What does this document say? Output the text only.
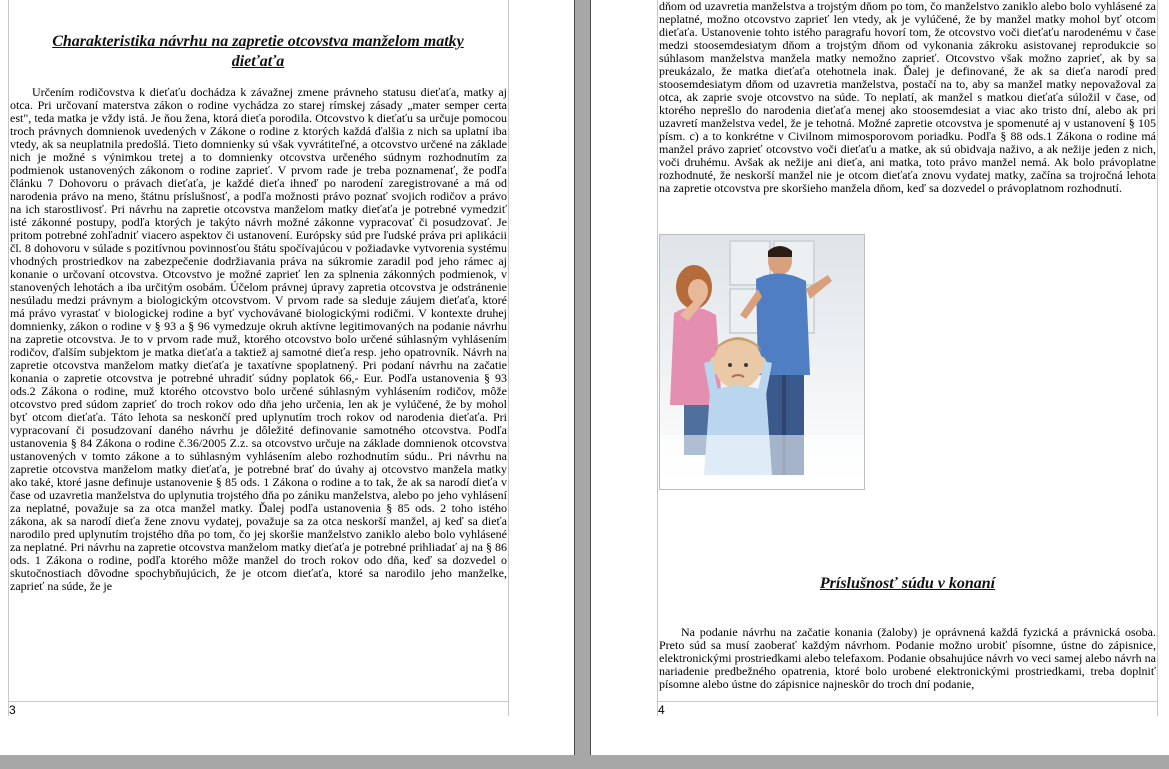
Charakteristika návrhu na zapretie otcovstva manželom matky dieťaťa
Určením rodičovstva k dieťaťu dochádza k závažnej zmene právneho statusu dieťaťa, matky aj otca. Pri určovaní materstva zákon o rodine vychádza zo starej rímskej zásady „mater semper certa est", teda matka je vždy istá. Je ňou žena, ktorá dieťa porodila. Otcovstvo k dieťaťu sa určuje pomocou troch právnych domnienok uvedených v Zákone o rodine z ktorých každá ďalšia z nich sa uplatní iba vtedy, ak sa neuplatnila predošlá. Tieto domnienky sú však vyvrátiteľné, a otcovstvo určené na základe nich je možné s výnimkou tretej a to domnienky otcovstva určeného súdnym rozhodnutím za podmienok ustanovených zákonom o rodine zaprieť. V prvom rade je treba poznamenať, že podľa článku 7 Dohovoru o právach dieťaťa, je každé dieťa ihneď po narodení zaregistrované a má od narodenia právo na meno, štátnu príslušnosť, a podľa možnosti právo poznať svojich rodičov a právo na ich starostlivosť. Pri návrhu na zapretie otcovstva manželom matky dieťaťa je potrebné vymedziť isté zákonné postupy, podľa ktorých je takýto návrh možné zákonne vypracovať či posudzovať. Je pritom potrebné zohľadniť viacero aspektov či ustanovení. Európsky súd pre ľudské práva pri aplikácii čl. 8 dohovoru v súlade s pozitívnou povinnosťou štátu spočívajúcou v požiadavke vytvorenia systému vhodných prostriedkov na zabezpečenie dodržiavania práva na súkromie zaradil pod jeho rámec aj konanie o určovaní otcovstva. Otcovstvo je možné zaprieť len za splnenia zákonných podmienok, v stanovených lehotách a iba určitým osobám. Účelom právnej úpravy zapretia otcovstva je odstránenie nesúladu medzi právnym a biologickým otcovstvom. V prvom rade sa sleduje záujem dieťaťa, ktoré má právo vyrastať v biologickej rodine a byť vychovávané biologickými rodičmi. V kontexte druhej domnienky, zákon o rodine v § 93 a § 96 vymedzuje okruh aktívne legitimovaných na podanie návrhu na zapretie otcovstva. Je to v prvom rade muž, ktorého otcovstvo bolo určené súhlasným vyhlásením rodičov, ďalším subjektom je matka dieťaťa a taktiež aj samotné dieťa resp. jeho opatrovník. Návrh na zapretie otcovstva manželom matky dieťaťa je taxatívne spoplatnený. Pri podaní návrhu na začatie konania o zapretie otcovstva je potrebné uhradiť súdny poplatok 66,- Eur. Podľa ustanovenia § 93 ods.2 Zákona o rodine, muž ktorého otcovstvo bolo určené súhlasným vyhlásením rodičov, môže otcovstvo pred súdom zaprieť do troch rokov odo dňa jeho určenia, len ak je vylúčené, že by mohol byť otcom dieťaťa. Táto lehota sa neskončí pred uplynutím troch rokov od narodenia dieťaťa. Pri vypracovaní či posudzovaní daného návrhu je dôležité definovanie samotného otcovstva. Podľa ustanovenia § 84 Zákona o rodine č.36/2005 Z.z. sa otcovstvo určuje na základe domnienok otcovstva ustanovených v tomto zákone a to súhlasným vyhlásením alebo rozhodnutím súdu.. Pri návrhu na zapretie otcovstva manželom matky dieťaťa, je potrebné brať do úvahy aj otcovstvo manžela matky ako také, ktoré jasne definuje ustanovenie § 85 ods. 1 Zákona o rodine a to tak, že ak sa narodí dieťa v čase od uzavretia manželstva do uplynutia trojstého dňa po zániku manželstva, alebo po jeho vyhlásení za neplatné, považuje sa za otca manžel matky. Ďalej podľa ustanovenia § 85 ods. 2 toho istého zákona, ak sa narodí dieťa žene znovu vydatej, považuje sa za otca neskorší manžel, aj keď sa dieťa narodilo pred uplynutím trojstého dňa po tom, čo jej skoršie manželstvo zaniklo alebo bolo vyhlásené za neplatné. Pri návrhu na zapretie otcovstva manželom matky dieťaťa je potrebné prihliadať aj na § 86 ods. 1 Zákona o rodine, podľa ktorého môže manžel do troch rokov odo dňa, keď sa dozvedel o skutočnostiach dôvodne spochybňujúcich, že je otcom dieťaťa, ktoré sa narodilo jeho manželke, zaprieť na súde, že je
3
dňom od uzavretia manželstva a trojstým dňom po tom, čo manželstvo zaniklo alebo bolo vyhlásené za neplatné, možno otcovstvo zaprieť len vtedy, ak je vylúčené, že by manžel matky mohol byť otcom dieťaťa. Ustanovenie tohto istého paragrafu hovorí tom, že otcovstvo voči dieťaťu narodenému v čase medzi stoosemdesiatym dňom a trojstým dňom od vykonania zákroku asistovanej reprodukcie so súhlasom manželstva manžela matky nemožno zaprieť. Otcovstvo však možno zaprieť, ak by sa preukázalo, že matka dieťaťa otehotnela inak. Ďalej je definované, že ak sa dieťa narodí pred stoosemdesiatym dňom od uzavretia manželstva, postačí na to, aby sa manžel matky nepovažoval za otca, ak zaprie svoje otcovstvo na súde. To neplatí, ak manžel s matkou dieťaťa súložil v čase, od ktorého neprešlo do narodenia dieťaťa menej ako stoosemdesiat a viac ako tristo dní, alebo ak pri uzavretí manželstva vedel, že je tehotná. Možné zapretie otcovstva je spomenuté aj v ustanovení § 105 písm. c) a to konkrétne v Civilnom mimosporovom poriadku. Podľa § 88 ods.1 Zákona o rodine má manžel právo zaprieť otcovstvo voči dieťaťu a matke, ak sú obidvaja naživo, a ak nežije jeden z nich, voči druhému. Avšak ak nežije ani dieťa, ani matka, toto právo manžel nemá. Ak bolo právoplatne rozhodnuté, že neskorší manžel nie je otcom dieťaťa znovu vydatej matky, začína sa trojročná lehota na zapretie otcovstva pre skoršieho manžela dňom, keď sa dozvedel o právoplatnom rozhodnutí.
Príslušnosť súdu v konaní
Na podanie návrhu na začatie konania (žaloby) je oprávnená každá fyzická a právnická osoba. Preto súd sa musí zaoberať každým návrhom. Podanie možno urobiť písomne, ústne do zápisnice, elektronickými prostriedkami alebo telefaxom. Podanie obsahujúce návrh vo veci samej alebo návrh na nariadenie predbežného opatrenia, ktoré bolo urobené elektronickými prostriedkami, treba doplniť písomne alebo ústne do zápisnice najneskôr do troch dní podanie,
4
